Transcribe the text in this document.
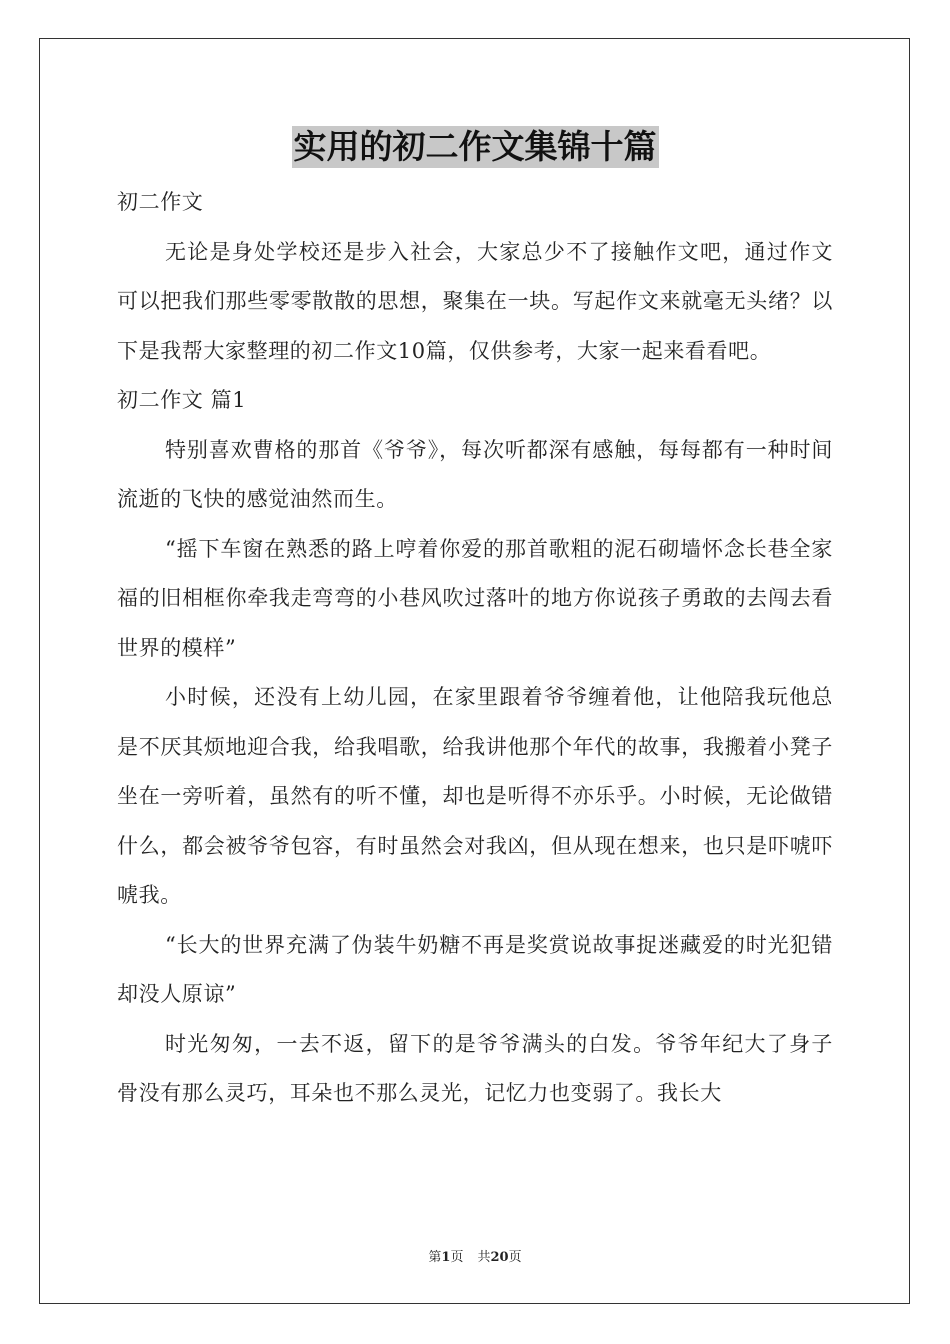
实用的初二作文集锦十篇

初二作文

无论是身处学校还是步入社会，大家总少不了接触作文吧，通过作文可以把我们那些零零散散的思想，聚集在一块。写起作文来就毫无头绪？以下是我帮大家整理的初二作文10篇，仅供参考，大家一起来看看吧。

初二作文 篇1

特别喜欢曹格的那首《爷爷》，每次听都深有感触，每每都有一种时间流逝的飞快的感觉油然而生。

“摇下车窗在熟悉的路上哼着你爱的那首歌粗的泥石砌墙怀念长巷全家福的旧相框你牵我走弯弯的小巷风吹过落叶的地方你说孩子勇敢的去闯去看世界的模样”

小时候，还没有上幼儿园，在家里跟着爷爷缠着他，让他陪我玩他总是不厌其烦地迎合我，给我唱歌，给我讲他那个年代的故事，我搬着小凳子坐在一旁听着，虽然有的听不懂，却也是听得不亦乐乎。小时候，无论做错什么，都会被爷爷包容，有时虽然会对我凶，但从现在想来，也只是吓唬吓唬我。

“长大的世界充满了伪装牛奶糖不再是奖赏说故事捉迷藏爱的时光犯错却没人原谅”

时光匆匆，一去不返，留下的是爷爷满头的白发。爷爷年纪大了身子骨没有那么灵巧，耳朵也不那么灵光，记忆力也变弱了。我长大

第1页 共20页
